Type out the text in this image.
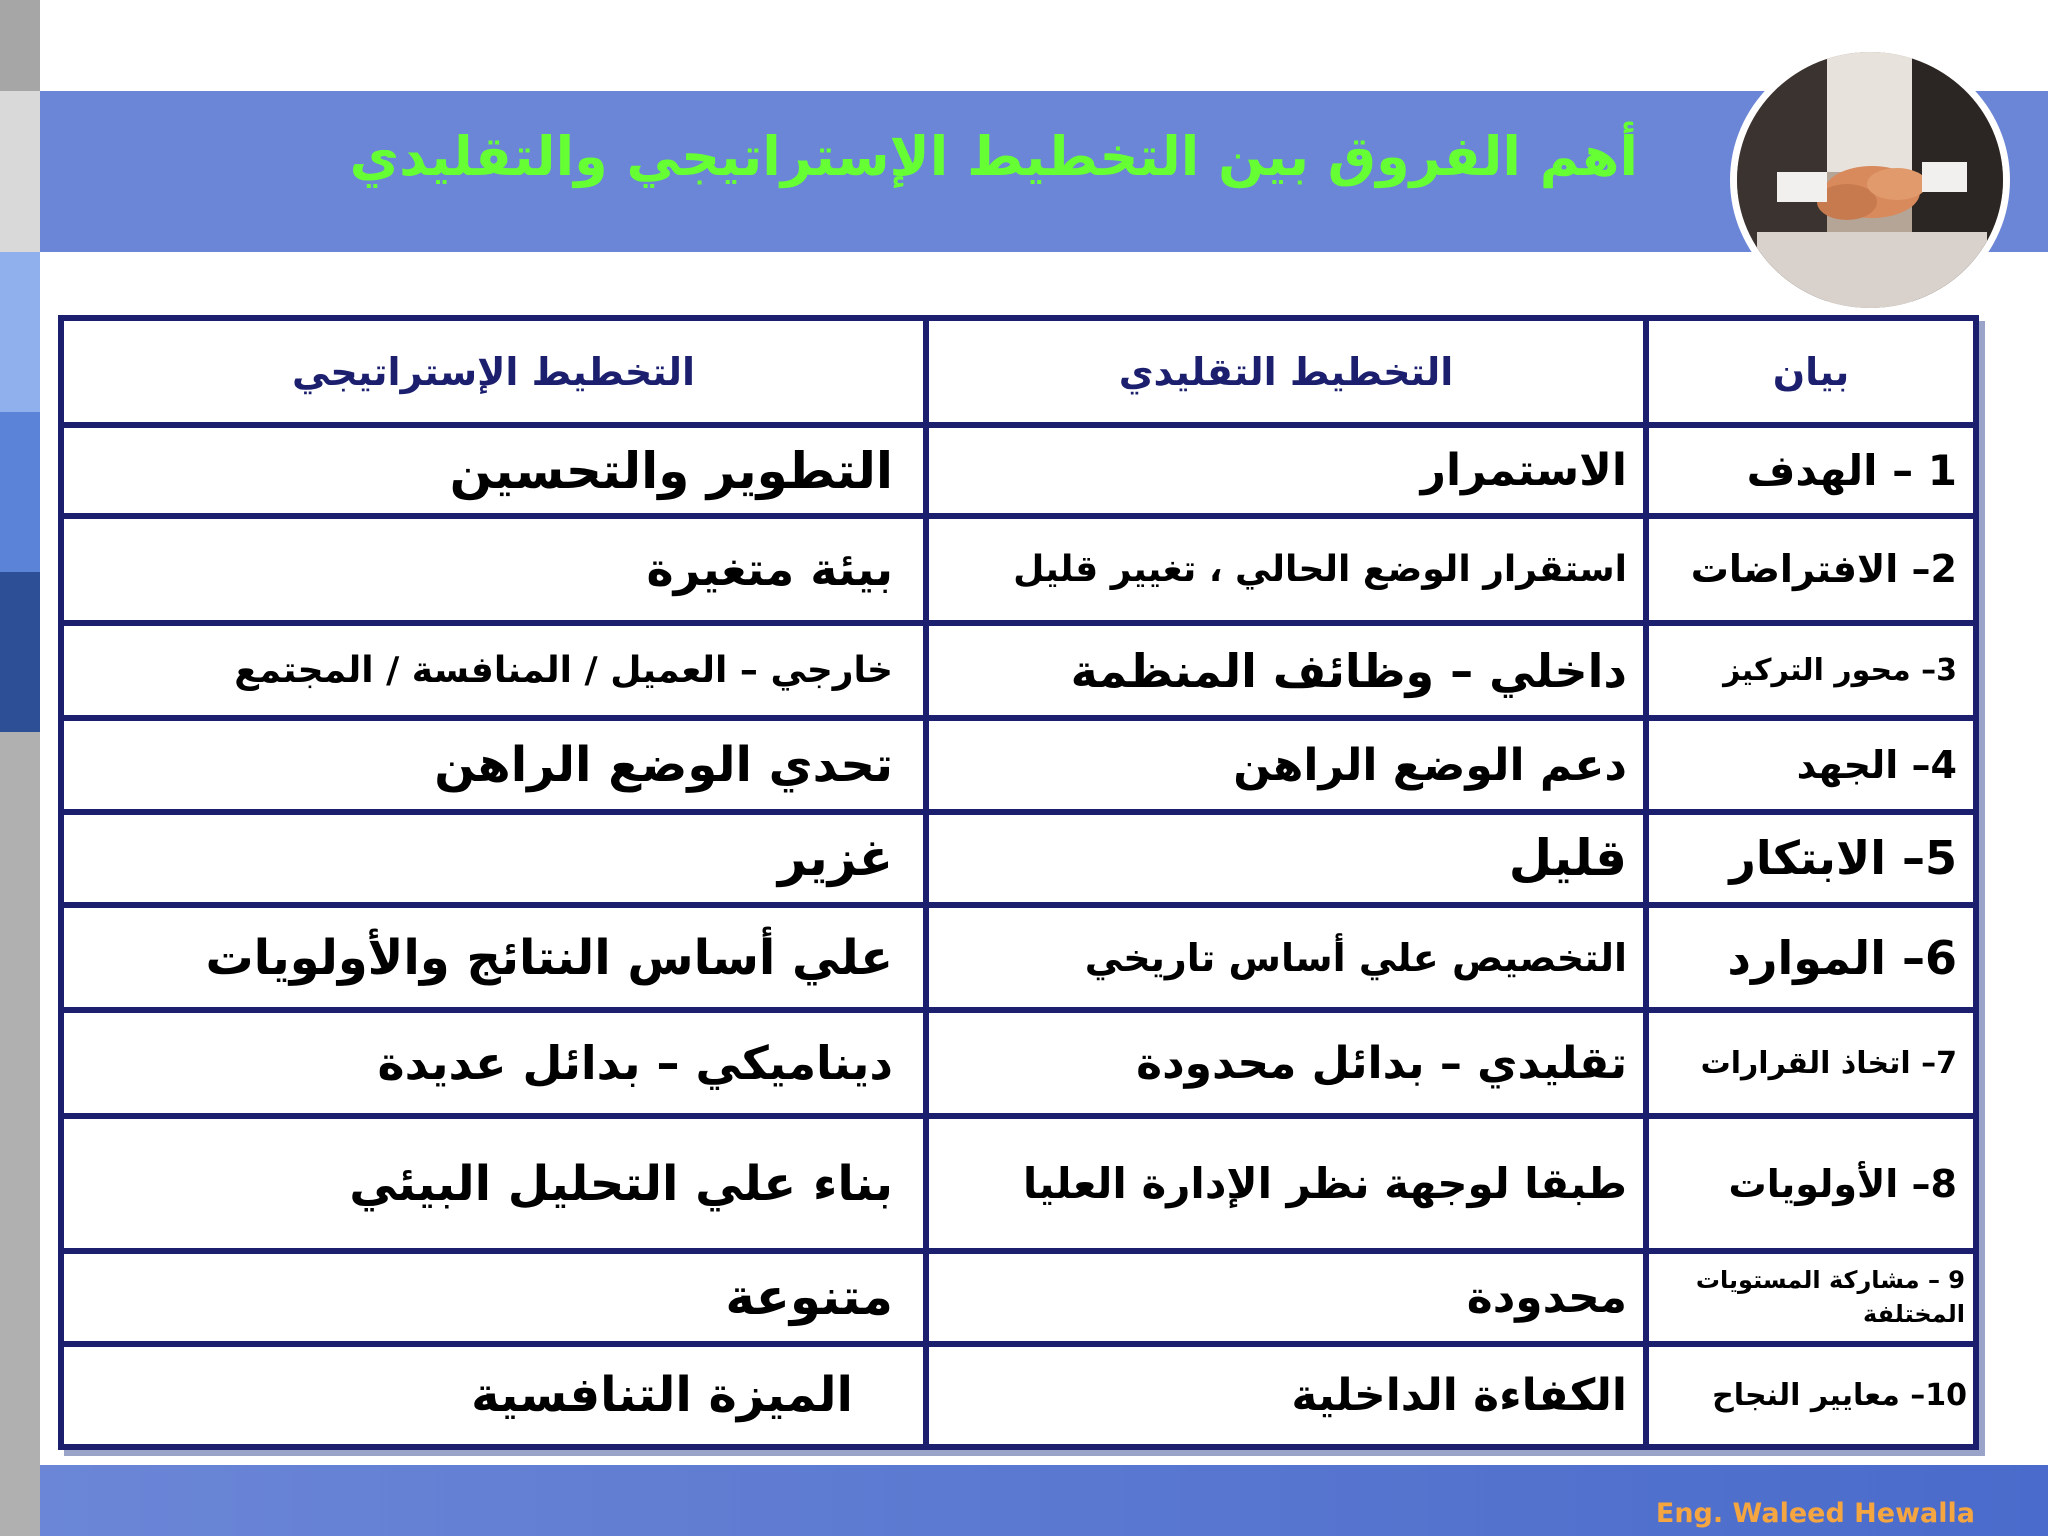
أهم الفروق بين التخطيط الإستراتيجي والتقليدي
بيان	التخطيط التقليدي	التخطيط الإستراتيجي
1 – الهدف	الاستمرار	التطوير والتحسين
2– الافتراضات	استقرار الوضع الحالي ، تغيير قليل	بيئة متغيرة
3– محور التركيز	داخلي – وظائف المنظمة	خارجي – العميل / المنافسة / المجتمع
4– الجهد	دعم الوضع الراهن	تحدي الوضع الراهن
5– الابتكار	قليل	غزير
6– الموارد	التخصيص علي أساس تاريخي	علي أساس النتائج والأولويات
7– اتخاذ القرارات	تقليدي – بدائل محدودة	ديناميكي – بدائل عديدة
8– الأولويات	طبقا لوجهة نظر الإدارة العليا	بناء علي التحليل البيئي
9 – مشاركة المستويات المختلفة	محدودة	متنوعة
10– معايير النجاح	الكفاءة الداخلية	الميزة التنافسية
Eng. Waleed Hewalla
